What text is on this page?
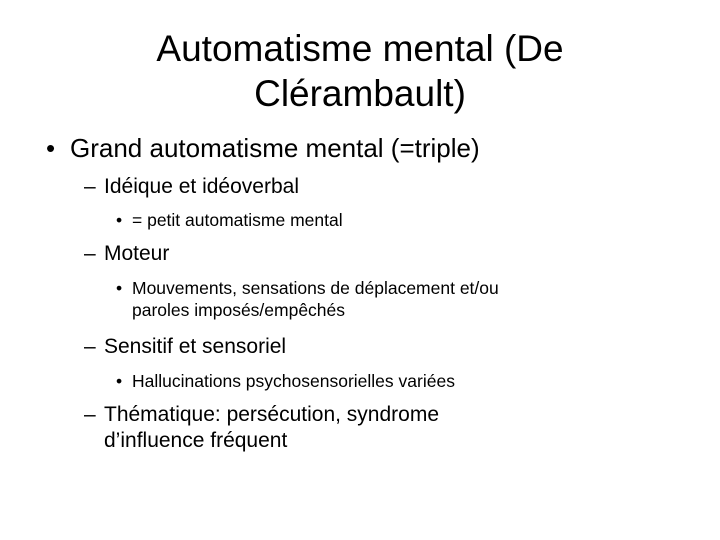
Automatisme mental (De
Clérambault)
• Grand automatisme mental (=triple)
– Idéique et idéoverbal
• = petit automatisme mental
– Moteur
• Mouvements, sensations de déplacement et/ou
paroles imposés/empêchés
– Sensitif et sensoriel
• Hallucinations psychosensorielles variées
– Thématique: persécution, syndrome
d’influence fréquent
